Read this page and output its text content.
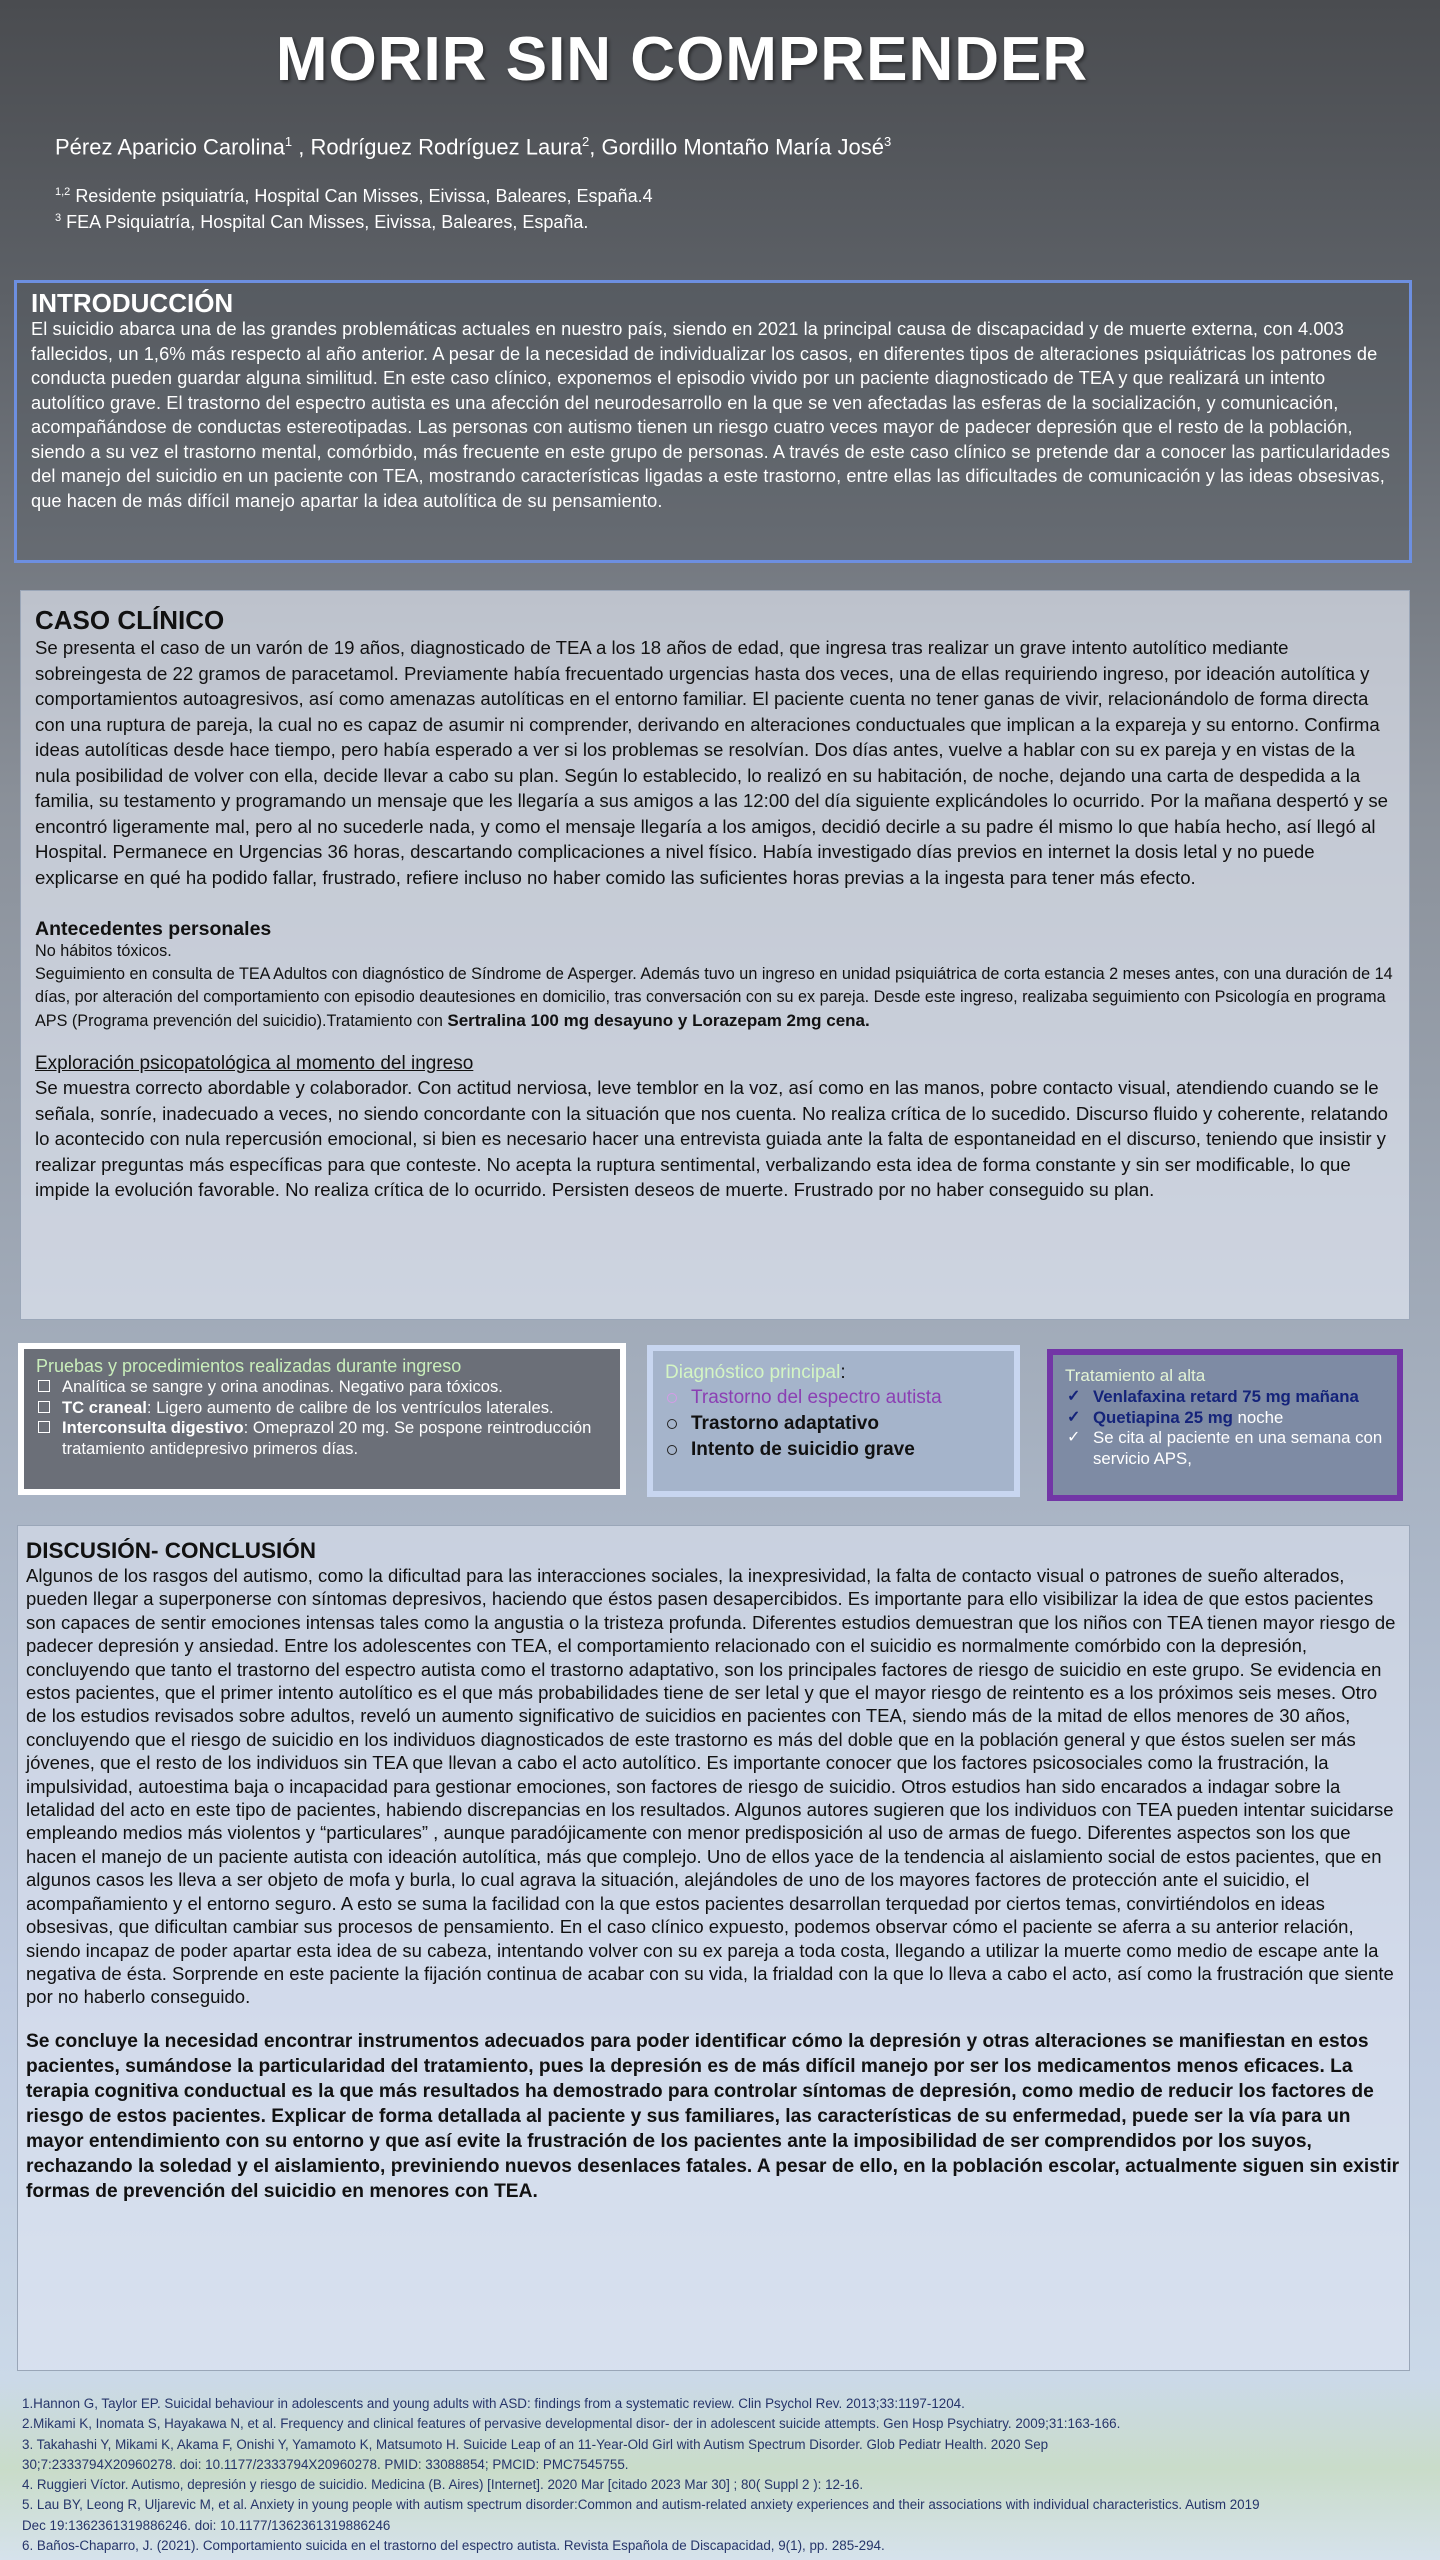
MORIR SIN COMPRENDER
Pérez Aparicio Carolina$^1$ , Rodríguez Rodríguez Laura$^2$, Gordillo Montaño María José$^3$
$^{1,2}$ Residente psiquiatría, Hospital Can Misses, Eivissa, Baleares, España.4
$^3$ FEA Psiquiatría, Hospital Can Misses, Eivissa, Baleares, España.
INTRODUCCIÓN

El suicidio abarca una de las grandes problemáticas actuales en nuestro país, siendo en 2021 la principal causa de discapacidad y de muerte externa, con 4.003 fallecidos, un 1,6% más respecto al año anterior. A pesar de la necesidad de individualizar los casos, en diferentes tipos de alteraciones psiquiátricas los patrones de conducta pueden guardar alguna similitud. En este caso clínico, exponemos el episodio vivido por un paciente diagnosticado de TEA y que realizará un intento autolítico grave. El trastorno del espectro autista es una afección del neurodesarrollo en la que se ven afectadas las esferas de la socialización, y comunicación, acompañándose de conductas estereotipadas. Las personas con autismo tienen un riesgo cuatro veces mayor de padecer depresión que el resto de la población, siendo a su vez el trastorno mental, comórbido, más frecuente en este grupo de personas. A través de este caso clínico se pretende dar a conocer las particularidades del manejo del suicidio en un paciente con TEA, mostrando características ligadas a este trastorno, entre ellas las dificultades de comunicación y las ideas obsesivas, que hacen de más difícil manejo apartar la idea autolítica de su pensamiento.

CASO CLÍNICO

Se presenta el caso de un varón de 19 años, diagnosticado de TEA a los 18 años de edad, que ingresa tras realizar un grave intento autolítico mediante sobreingesta de 22 gramos de paracetamol. Previamente había frecuentado urgencias hasta dos veces, una de ellas requiriendo ingreso, por ideación autolítica y comportamientos autoagresivos, así como amenazas autolíticas en el entorno familiar. El paciente cuenta no tener ganas de vivir, relacionándolo de forma directa con una ruptura de pareja, la cual no es capaz de asumir ni comprender, derivando en alteraciones conductuales que implican a la expareja y su entorno. Confirma ideas autolíticas desde hace tiempo, pero había esperado a ver si los problemas se resolvían. Dos días antes, vuelve a hablar con su ex pareja y en vistas de la nula posibilidad de volver con ella, decide llevar a cabo su plan. Según lo establecido, lo realizó en su habitación, de noche, dejando una carta de despedida a la familia, su testamento y programando un mensaje que les llegaría a sus amigos a las 12:00 del día siguiente explicándoles lo ocurrido. Por la mañana despertó y se encontró ligeramente mal, pero al no sucederle nada, y como el mensaje llegaría a los amigos, decidió decirle a su padre él mismo lo que había hecho, así llegó al Hospital. Permanece en Urgencias 36 horas, descartando complicaciones a nivel físico. Había investigado días previos en internet la dosis letal y no puede explicarse en qué ha podido fallar, frustrado, refiere incluso no haber comido las suficientes horas previas a la ingesta para tener más efecto.

Antecedentes personales

No hábitos tóxicos.

Seguimiento en consulta de TEA Adultos con diagnóstico de Síndrome de Asperger. Además tuvo un ingreso en unidad psiquiátrica de corta estancia 2 meses antes, con una duración de 14 días, por alteración del comportamiento con episodio deautesiones en domicilio, tras conversación con su ex pareja. Desde este ingreso, realizaba seguimiento con Psicología en programa APS (Programa prevención del suicidio).Tratamiento con Sertralina 100 mg desayuno y Lorazepam 2mg cena.

Exploración psicopatológica al momento del ingreso

Se muestra correcto abordable y colaborador. Con actitud nerviosa, leve temblor en la voz, así como en las manos, pobre contacto visual, atendiendo cuando se le señala, sonríe, inadecuado a veces, no siendo concordante con la situación que nos cuenta. No realiza crítica de lo sucedido. Discurso fluido y coherente, relatando lo acontecido con nula repercusión emocional, si bien es necesario hacer una entrevista guiada ante la falta de espontaneidad en el discurso, teniendo que insistir y realizar preguntas más específicas para que conteste. No acepta la ruptura sentimental, verbalizando esta idea de forma constante y sin ser modificable, lo que impide la evolución favorable. No realiza crítica de lo ocurrido. Persisten deseos de muerte. Frustrado por no haber conseguido su plan.

Pruebas y procedimientos realizadas durante ingreso
Analítica se sangre y orina anodinas. Negativo para tóxicos.
TC craneal: Ligero aumento de calibre de los ventrículos laterales.
Interconsulta digestivo: Omeprazol 20 mg. Se pospone reintroducción tratamiento antidepresivo primeros días.
Diagnóstico principal:
Trastorno del espectro autista
Trastorno adaptativo
Intento de suicidio grave
Tratamiento al alta
✓ Venlafaxina retard 75 mg mañana
✓ Quetiapina 25 mg noche
✓ Se cita al paciente en una semana con servicio APS,
DISCUSIÓN- CONCLUSIÓN

Algunos de los rasgos del autismo, como la dificultad para las interacciones sociales, la inexpresividad, la falta de contacto visual o patrones de sueño alterados, pueden llegar a superponerse con síntomas depresivos, haciendo que éstos pasen desapercibidos. Es importante para ello visibilizar la idea de que estos pacientes son capaces de sentir emociones intensas tales como la angustia o la tristeza profunda. Diferentes estudios demuestran que los niños con TEA tienen mayor riesgo de padecer depresión y ansiedad. Entre los adolescentes con TEA, el comportamiento relacionado con el suicidio es normalmente comórbido con la depresión, concluyendo que tanto el trastorno del espectro autista como el trastorno adaptativo, son los principales factores de riesgo de suicidio en este grupo. Se evidencia en estos pacientes, que el primer intento autolítico es el que más probabilidades tiene de ser letal y que el mayor riesgo de reintento es a los próximos seis meses. Otro de los estudios revisados sobre adultos, reveló un aumento significativo de suicidios en pacientes con TEA, siendo más de la mitad de ellos menores de 30 años, concluyendo que el riesgo de suicidio en los individuos diagnosticados de este trastorno es más del doble que en la población general y que éstos suelen ser más jóvenes, que el resto de los individuos sin TEA que llevan a cabo el acto autolítico. Es importante conocer que los factores psicosociales como la frustración, la impulsividad, autoestima baja o incapacidad para gestionar emociones, son factores de riesgo de suicidio. Otros estudios han sido encarados a indagar sobre la letalidad del acto en este tipo de pacientes, habiendo discrepancias en los resultados. Algunos autores sugieren que los individuos con TEA pueden intentar suicidarse empleando medios más violentos y “particulares” , aunque paradójicamente con menor predisposición al uso de armas de fuego. Diferentes aspectos son los que hacen el manejo de un paciente autista con ideación autolítica, más que complejo. Uno de ellos yace de la tendencia al aislamiento social de estos pacientes, que en algunos casos les lleva a ser objeto de mofa y burla, lo cual agrava la situación, alejándoles de uno de los mayores factores de protección ante el suicidio, el acompañamiento y el entorno seguro. A esto se suma la facilidad con la que estos pacientes desarrollan terquedad por ciertos temas, convirtiéndolos en ideas obsesivas, que dificultan cambiar sus procesos de pensamiento. En el caso clínico expuesto, podemos observar cómo el paciente se aferra a su anterior relación, siendo incapaz de poder apartar esta idea de su cabeza, intentando volver con su ex pareja a toda costa, llegando a utilizar la muerte como medio de escape ante la negativa de ésta. Sorprende en este paciente la fijación continua de acabar con su vida, la frialdad con la que lo lleva a cabo el acto, así como la frustración que siente por no haberlo conseguido.

Se concluye la necesidad encontrar instrumentos adecuados para poder identificar cómo la depresión y otras alteraciones se manifiestan en estos pacientes, sumándose la particularidad del tratamiento, pues la depresión es de más difícil manejo por ser los medicamentos menos eficaces. La terapia cognitiva conductual es la que más resultados ha demostrado para controlar síntomas de depresión, como medio de reducir los factores de riesgo de estos pacientes. Explicar de forma detallada al paciente y sus familiares, las características de su enfermedad, puede ser la vía para un mayor entendimiento con su entorno y que así evite la frustración de los pacientes ante la imposibilidad de ser comprendidos por los suyos, rechazando la soledad y el aislamiento, previniendo nuevos desenlaces fatales. A pesar de ello, en la población escolar, actualmente siguen sin existir formas de prevención del suicidio en menores con TEA.

1.Hannon G, Taylor EP. Suicidal behaviour in adolescents and young adults with ASD: findings from a systematic review. Clin Psychol Rev. 2013;33:1197-1204.
2.Mikami K, Inomata S, Hayakawa N, et al. Frequency and clinical features of pervasive developmental disor- der in adolescent suicide attempts. Gen Hosp Psychiatry. 2009;31:163-166.
3. Takahashi Y, Mikami K, Akama F, Onishi Y, Yamamoto K, Matsumoto H. Suicide Leap of an 11-Year-Old Girl with Autism Spectrum Disorder. Glob Pediatr Health. 2020 Sep
30;7:2333794X20960278. doi: 10.1177/2333794X20960278. PMID: 33088854; PMCID: PMC7545755.
4. Ruggieri Víctor. Autismo, depresión y riesgo de suicidio. Medicina (B. Aires) [Internet]. 2020 Mar [citado 2023 Mar 30] ; 80( Suppl 2 ): 12-16.
5. Lau BY, Leong R, Uljarevic M, et al. Anxiety in young people with autism spectrum disorder:Common and autism-related anxiety experiences and their associations with individual characteristics. Autism 2019
Dec 19:1362361319886246. doi: 10.1177/1362361319886246
6. Baños-Chaparro, J. (2021). Comportamiento suicida en el trastorno del espectro autista. Revista Española de Discapacidad, 9(1), pp. 285-294.
